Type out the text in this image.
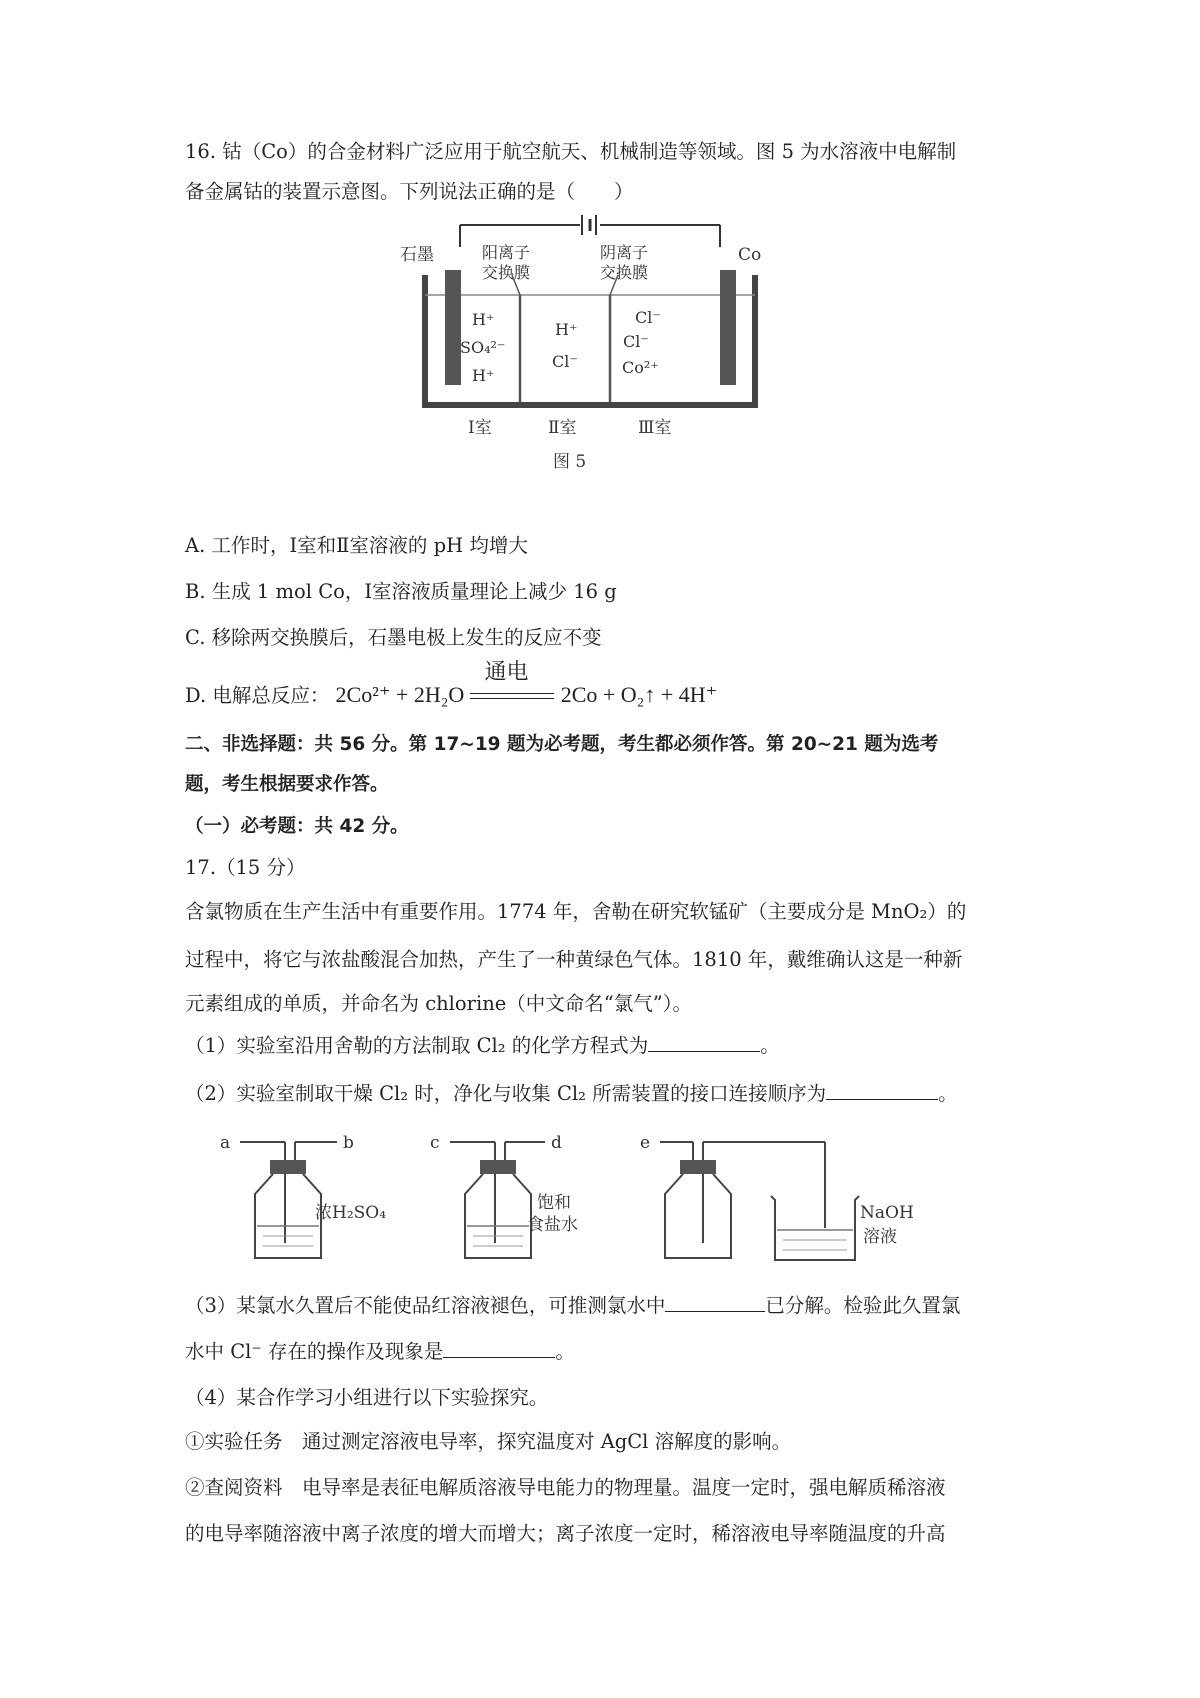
16. 钴（Co）的合金材料广泛应用于航空航天、机械制造等领域。图 5 为水溶液中电解制
备金属钴的装置示意图。下列说法正确的是（　　）
石墨	Co
阳离子
交换膜
阴离子
交换膜
H⁺
SO₄²⁻
H⁺
H⁺
Cl⁻
Cl⁻
Cl⁻
Co²⁺
Ⅰ室	Ⅱ室	Ⅲ室
图 5
A. 工作时，Ⅰ室和Ⅱ室溶液的 pH 均增大
B. 生成 1 mol Co，Ⅰ室溶液质量理论上减少 16 g
C. 移除两交换膜后，石墨电极上发生的反应不变
D. 电解总反应： 2Co²⁺ + 2H₂O
通电
2Co + O₂↑ + 4H⁺
二、非选择题：共 56 分。第 17~19 题为必考题，考生都必须作答。第 20~21 题为选考
题，考生根据要求作答。
（一）必考题：共 42 分。
17.（15 分）
含氯物质在生产生活中有重要作用。1774 年，舍勒在研究软锰矿（主要成分是 MnO₂）的
过程中，将它与浓盐酸混合加热，产生了一种黄绿色气体。1810 年，戴维确认这是一种新
元素组成的单质，并命名为 chlorine（中文命名“氯气”）。
（1）实验室沿用舍勒的方法制取 Cl₂ 的化学方程式为	。
（2）实验室制取干燥 Cl₂ 时，净化与收集 Cl₂ 所需装置的接口连接顺序为	。
a	b
浓H₂SO₄
c	d
饱和
食盐水
e
NaOH
溶液
（3）某氯水久置后不能使品红溶液褪色，可推测氯水中	已分解。检验此久置氯
水中 Cl⁻ 存在的操作及现象是	。
（4）某合作学习小组进行以下实验探究。
①实验任务　通过测定溶液电导率，探究温度对 AgCl 溶解度的影响。
②查阅资料　电导率是表征电解质溶液导电能力的物理量。温度一定时，强电解质稀溶液
的电导率随溶液中离子浓度的增大而增大；离子浓度一定时，稀溶液电导率随温度的升高
